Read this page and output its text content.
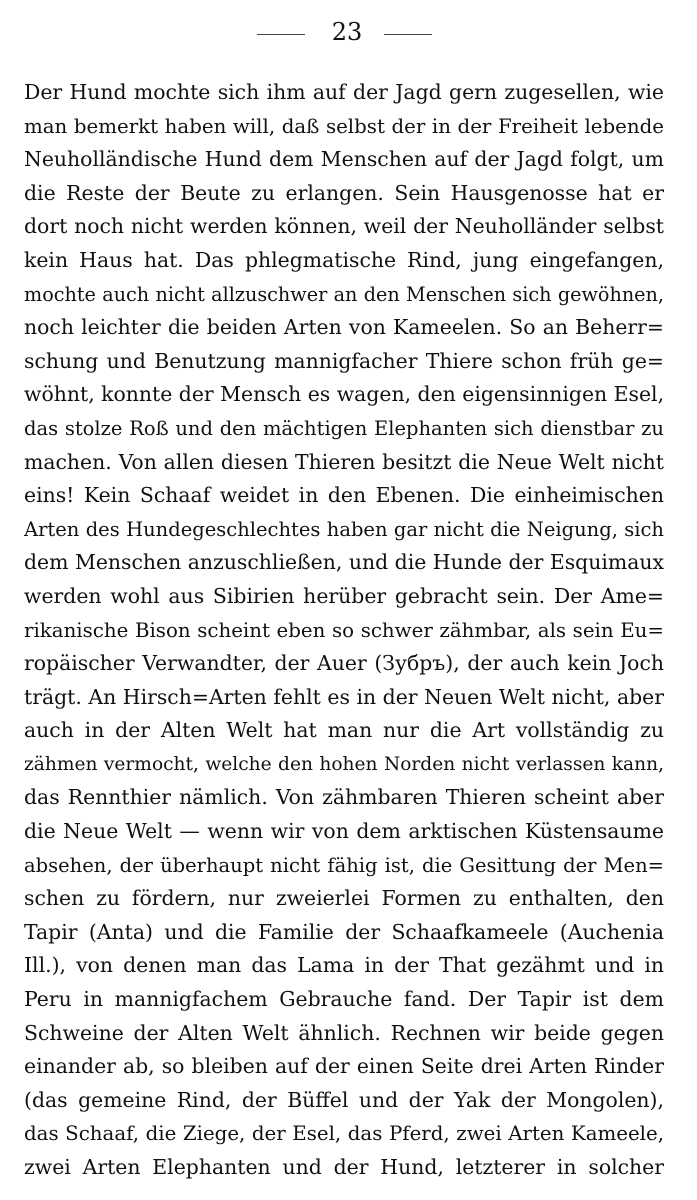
23
Der Hund mochte sich ihm auf der Jagd gern zugesellen, wie
man bemerkt haben will, daß selbst der in der Freiheit lebende
Neuholländische Hund dem Menschen auf der Jagd folgt, um
die Reste der Beute zu erlangen. Sein Hausgenosse hat er
dort noch nicht werden können, weil der Neuholländer selbst
kein Haus hat. Das phlegmatische Rind, jung eingefangen,
mochte auch nicht allzuschwer an den Menschen sich gewöhnen,
noch leichter die beiden Arten von Kameelen. So an Beherr=
schung und Benutzung mannigfacher Thiere schon früh ge=
wöhnt, konnte der Mensch es wagen, den eigensinnigen Esel,
das stolze Roß und den mächtigen Elephanten sich dienstbar zu
machen. Von allen diesen Thieren besitzt die Neue Welt nicht
eins! Kein Schaaf weidet in den Ebenen. Die einheimischen
Arten des Hundegeschlechtes haben gar nicht die Neigung, sich
dem Menschen anzuschließen, und die Hunde der Esquimaux
werden wohl aus Sibirien herüber gebracht sein. Der Ame=
rikanische Bison scheint eben so schwer zähmbar, als sein Eu=
ropäischer Verwandter, der Auer (Зубръ), der auch kein Joch
trägt. An Hirsch=Arten fehlt es in der Neuen Welt nicht, aber
auch in der Alten Welt hat man nur die Art vollständig zu
zähmen vermocht, welche den hohen Norden nicht verlassen kann,
das Rennthier nämlich. Von zähmbaren Thieren scheint aber
die Neue Welt — wenn wir von dem arktischen Küstensaume
absehen, der überhaupt nicht fähig ist, die Gesittung der Men=
schen zu fördern, nur zweierlei Formen zu enthalten, den
Tapir (Anta) und die Familie der Schaafkameele (Auchenia
Ill.), von denen man das Lama in der That gezähmt und in
Peru in mannigfachem Gebrauche fand. Der Tapir ist dem
Schweine der Alten Welt ähnlich. Rechnen wir beide gegen
einander ab, so bleiben auf der einen Seite drei Arten Rinder
(das gemeine Rind, der Büffel und der Yak der Mongolen),
das Schaaf, die Ziege, der Esel, das Pferd, zwei Arten Kameele,
zwei Arten Elephanten und der Hund, letzterer in solcher
